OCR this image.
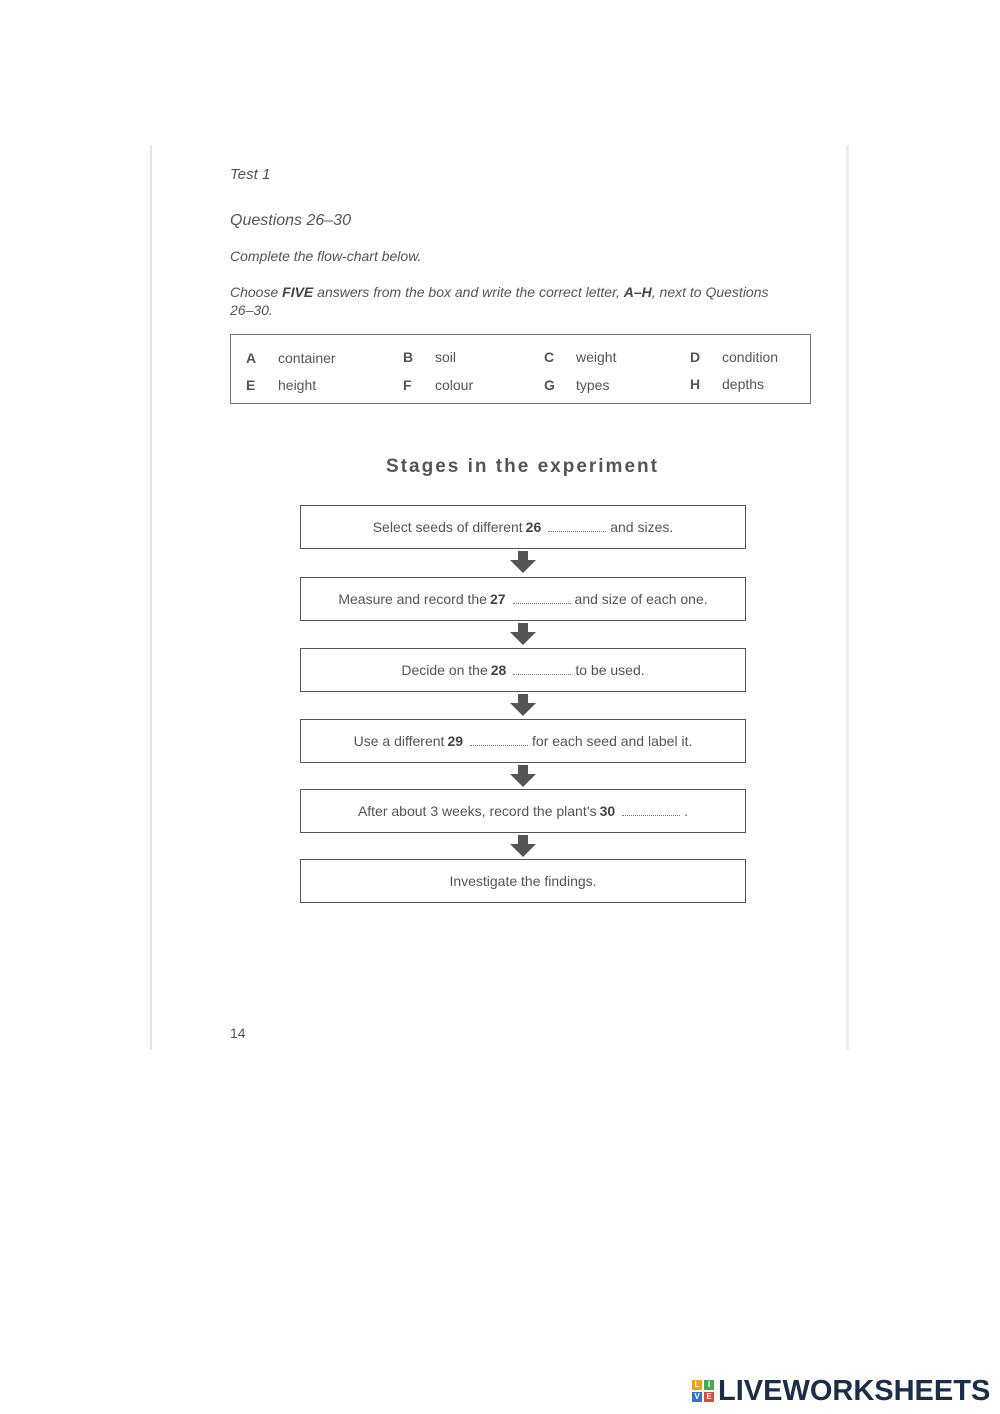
Test 1
Questions 26–30
Complete the flow-chart below.
Choose FIVE answers from the box and write the correct letter, A–H, next to Questions 26–30.
A container	B soil	C weight	D condition
E height	F colour	G types	H depths
Stages in the experiment
Select seeds of different 26	and sizes.
Measure and record the 27	and size of each one.
Decide on the 28	to be used.
Use a different 29	for each seed and label it.
After about 3 weeks, record the plant’s 30	.
Investigate the findings.
14
L	I
V E LIVEWORKSHEETS
